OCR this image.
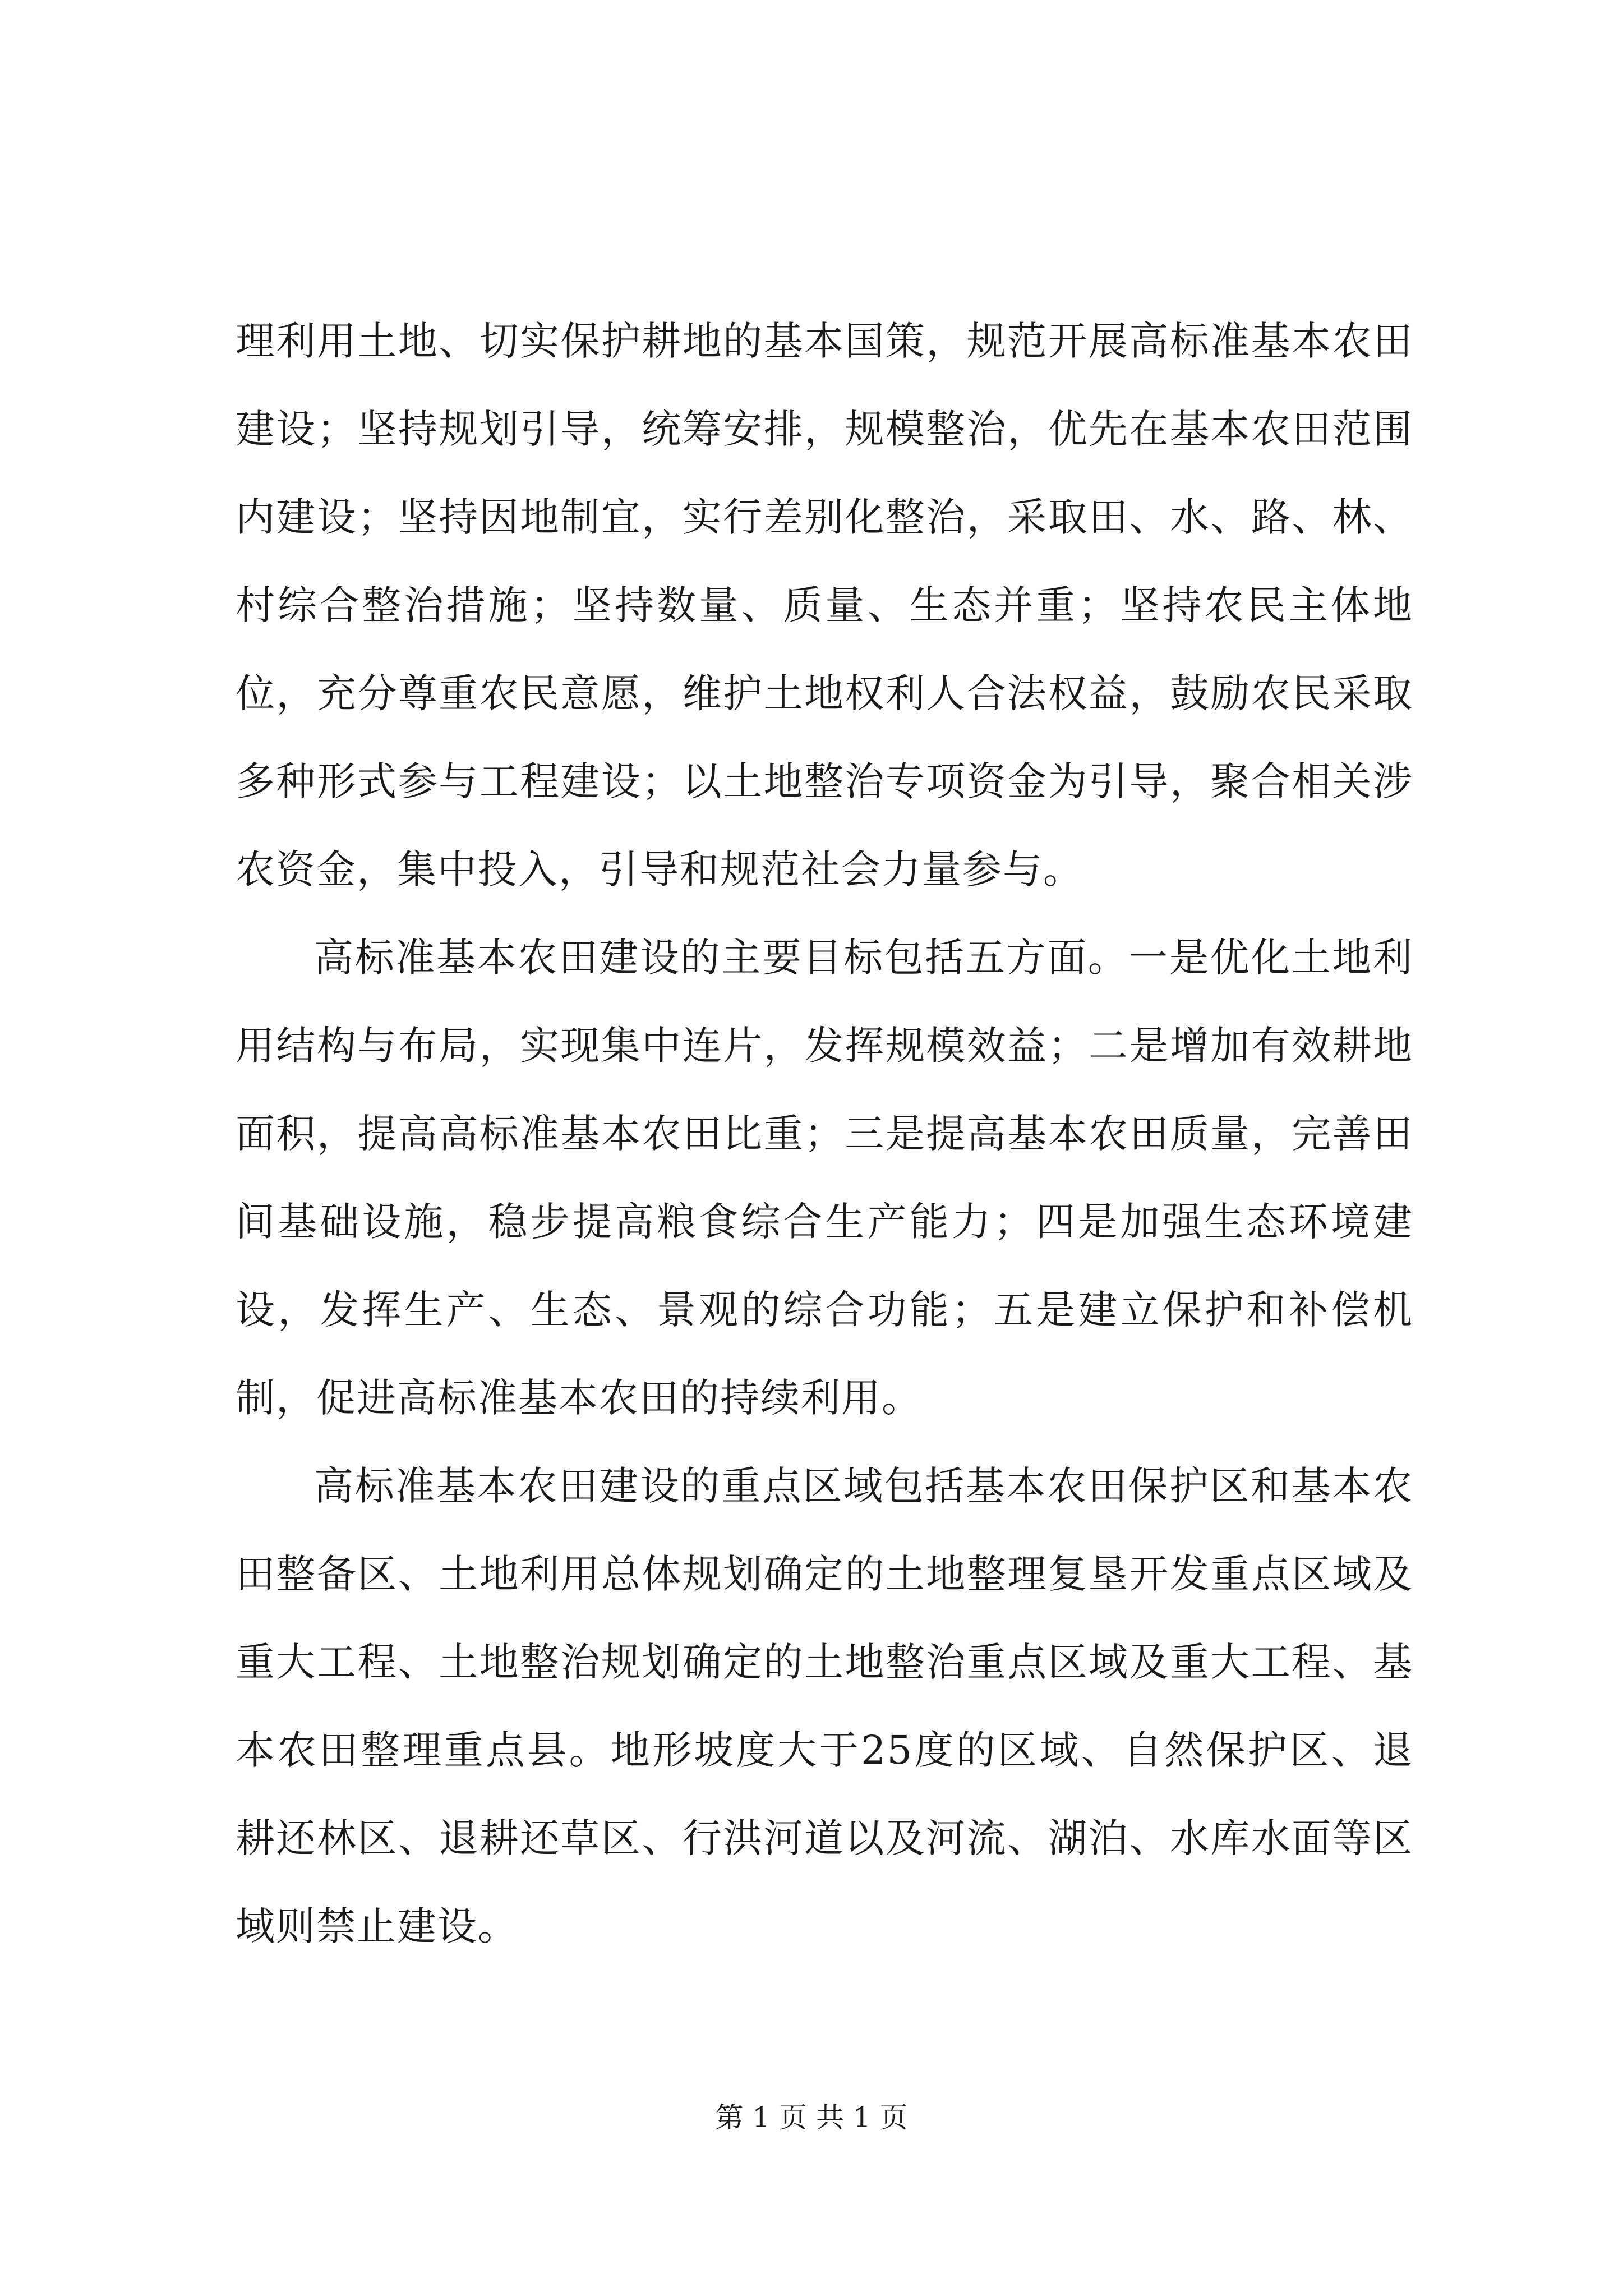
理利用土地、切实保护耕地的基本国策，规范开展高标准基本农田建设；坚持规划引导，统筹安排，规模整治，优先在基本农田范围内建设；坚持因地制宜，实行差别化整治，采取田、水、路、林、村综合整治措施；坚持数量、质量、生态并重；坚持农民主体地位，充分尊重农民意愿，维护土地权利人合法权益，鼓励农民采取多种形式参与工程建设；以土地整治专项资金为引导，聚合相关涉农资金，集中投入，引导和规范社会力量参与。

高标准基本农田建设的主要目标包括五方面。一是优化土地利用结构与布局，实现集中连片，发挥规模效益；二是增加有效耕地面积，提高高标准基本农田比重；三是提高基本农田质量，完善田间基础设施，稳步提高粮食综合生产能力；四是加强生态环境建设，发挥生产、生态、景观的综合功能；五是建立保护和补偿机制，促进高标准基本农田的持续利用。

高标准基本农田建设的重点区域包括基本农田保护区和基本农田整备区、土地利用总体规划确定的土地整理复垦开发重点区域及重大工程、土地整治规划确定的土地整治重点区域及重大工程、基本农田整理重点县。地形坡度大于25度的区域、自然保护区、退耕还林区、退耕还草区、行洪河道以及河流、湖泊、水库水面等区域则禁止建设。

第 1 页 共 1 页
